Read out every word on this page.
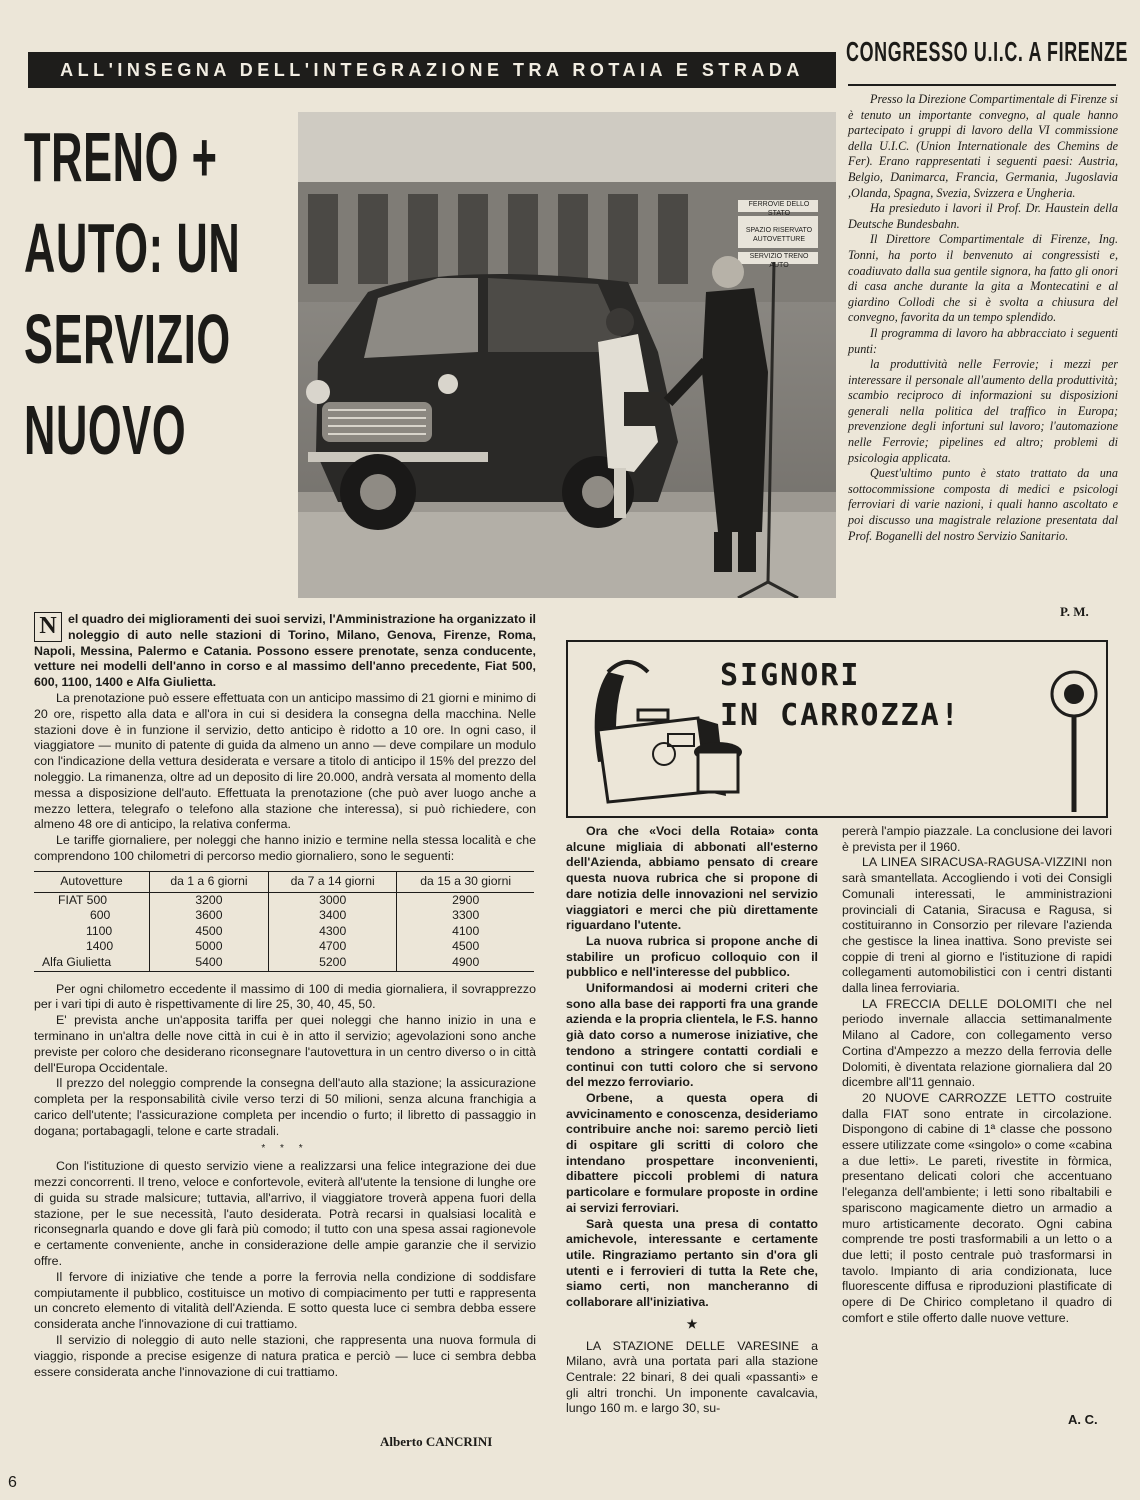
ALL'INSEGNA DELL'INTEGRAZIONE TRA ROTAIA E STRADA
TRENO +
AUTO: UN
SERVIZIO
NUOVO
FERROVIE DELLO STATO
SPAZIO RISERVATO
AUTOVETTURE
SERVIZIO TRENO AUTO
CONGRESSO U.I.C. A FIRENZE

Presso la Direzione Compartimentale di Firenze si è tenuto un importante convegno, al quale hanno partecipato i gruppi di lavoro della VI commissione della U.I.C. (Union Internationale des Chemins de Fer). Erano rappresentati i seguenti paesi: Austria, Belgio, Danimarca, Francia, Germania, Jugoslavia ,Olanda, Spagna, Svezia, Svizzera e Ungheria.

Ha presieduto i lavori il Prof. Dr. Haustein della Deutsche Bundesbahn.

Il Direttore Compartimentale di Firenze, Ing. Tonni, ha porto il benvenuto ai congressisti e, coadiuvato dalla sua gentile signora, ha fatto gli onori di casa anche durante la gita a Montecatini e al giardino Collodi che si è svolta a chiusura del convegno, favorita da un tempo splendido.

Il programma di lavoro ha abbracciato i seguenti punti:

la produttività nelle Ferrovie; i mezzi per interessare il personale all'aumento della produttività; scambio reciproco di informazioni su disposizioni generali nella politica del traffico in Europa; prevenzione degli infortuni sul lavoro; l'automazione nelle Ferrovie; pipelines ed altro; problemi di psicologia applicata.

Quest'ultimo punto è stato trattato da una sottocommissione composta di medici e psicologi ferroviari di varie nazioni, i quali hanno ascoltato e poi discusso una magistrale relazione presentata dal Prof. Boganelli del nostro Servizio Sanitario.

P. M.
N el quadro dei miglioramenti dei suoi servizi, l'Amministrazione ha organizzato il noleggio di auto nelle stazioni di Torino, Milano, Genova, Firenze, Roma, Napoli, Messina, Palermo e Catania. Possono essere prenotate, senza conducente, vetture nei modelli dell'anno in corso e al massimo dell'anno precedente, Fiat 500, 600, 1100, 1400 e Alfa Giulietta.

La prenotazione può essere effettuata con un anticipo massimo di 21 giorni e minimo di 20 ore, rispetto alla data e all'ora in cui si desidera la consegna della macchina. Nelle stazioni dove è in funzione il servizio, detto anticipo è ridotto a 10 ore. In ogni caso, il viaggiatore — munito di patente di guida da almeno un anno — deve compilare un modulo con l'indicazione della vettura desiderata e versare a titolo di anticipo il 15% del prezzo del noleggio. La rimanenza, oltre ad un deposito di lire 20.000, andrà versata al momento della messa a disposizione dell'auto. Effettuata la prenotazione (che può aver luogo anche a mezzo lettera, telegrafo o telefono alla stazione che interessa), si può richiedere, con almeno 48 ore di anticipo, la relativa conferma.

Le tariffe giornaliere, per noleggi che hanno inizio e termine nella stessa località e che comprendono 100 chilometri di percorso medio giornaliero, sono le seguenti:

Autovetture	da 1 a 6 giorni	da 7 a 14 giorni	da 15 a 30 giorni
FIAT 500	3200	3000	2900
600	3600	3400	3300
1100	4500	4300	4100
1400	5000	4700	4500
Alfa Giulietta	5400	5200	4900

Per ogni chilometro eccedente il massimo di 100 di media giornaliera, il sovrapprezzo per i vari tipi di auto è rispettivamente di lire 25, 30, 40, 45, 50.

E' prevista anche un'apposita tariffa per quei noleggi che hanno inizio in una e terminano in un'altra delle nove città in cui è in atto il servizio; agevolazioni sono anche previste per coloro che desiderano riconsegnare l'autovettura in un centro diverso o in città dell'Europa Occidentale.

Il prezzo del noleggio comprende la consegna dell'auto alla stazione; la assicurazione completa per la responsabilità civile verso terzi di 50 milioni, senza alcuna franchigia a carico dell'utente; l'assicurazione completa per incendio o furto; il libretto di passaggio in dogana; portabagagli, telone e carte stradali.

* * *

Con l'istituzione di questo servizio viene a realizzarsi una felice integrazione dei due mezzi concorrenti. Il treno, veloce e confortevole, eviterà all'utente la tensione di lunghe ore di guida su strade malsicure; tuttavia, all'arrivo, il viaggiatore troverà appena fuori della stazione, per le sue necessità, l'auto desiderata. Potrà recarsi in qualsiasi località e riconsegnarla quando e dove gli farà più comodo; il tutto con una spesa assai ragionevole e certamente conveniente, anche in considerazione delle ampie garanzie che il servizio offre.

Il fervore di iniziative che tende a porre la ferrovia nella condizione di soddisfare compiutamente il pubblico, costituisce un motivo di compiacimento per tutti e rappresenta un concreto elemento di vitalità dell'Azienda. E sotto questa luce ci sembra debba essere considerata anche l'innovazione di cui trattiamo.

Il servizio di noleggio di auto nelle stazioni, che rappresenta una nuova formula di viaggio, risponde a precise esigenze di natura pratica e perciò — luce ci sembra debba essere considerata anche l'innovazione di cui trattiamo.

Alberto CANCRINI
SIGNORI
IN CARROZZA!

Ora che «Voci della Rotaia» conta alcune migliaia di abbonati all'esterno dell'Azienda, abbiamo pensato di creare questa nuova rubrica che si propone di dare notizia delle innovazioni nel servizio viaggiatori e merci che più direttamente riguardano l'utente.

La nuova rubrica si propone anche di stabilire un proficuo colloquio con il pubblico e nell'interesse del pubblico.

Uniformandosi ai moderni criteri che sono alla base dei rapporti fra una grande azienda e la propria clientela, le F.S. hanno già dato corso a numerose iniziative, che tendono a stringere contatti cordiali e continui con tutti coloro che si servono del mezzo ferroviario.

Orbene, a questa opera di avvicinamento e conoscenza, desideriamo contribuire anche noi: saremo perciò lieti di ospitare gli scritti di coloro che intendano prospettare inconvenienti, dibattere piccoli problemi di natura particolare e formulare proposte in ordine ai servizi ferroviari.

Sarà questa una presa di contatto amichevole, interessante e certamente utile. Ringraziamo pertanto sin d'ora gli utenti e i ferrovieri di tutta la Rete che, siamo certi, non mancheranno di collaborare all'iniziativa.

★

LA STAZIONE DELLE VARESINE a Milano, avrà una portata pari alla stazione Centrale: 22 binari, 8 dei quali «passanti» e gli altri tronchi. Un imponente cavalcavia, lungo 160 m. e largo 30, su-

pererà l'ampio piazzale. La conclusione dei lavori è prevista per il 1960.

LA LINEA SIRACUSA-RAGUSA-VIZZINI non sarà smantellata. Accogliendo i voti dei Consigli Comunali interessati, le amministrazioni provinciali di Catania, Siracusa e Ragusa, si costituiranno in Consorzio per rilevare l'azienda che gestisce la linea inattiva. Sono previste sei coppie di treni al giorno e l'istituzione di rapidi collegamenti automobilistici con i centri distanti dalla linea ferroviaria.

LA FRECCIA DELLE DOLOMITI che nel periodo invernale allaccia settimanalmente Milano al Cadore, con collegamento verso Cortina d'Ampezzo a mezzo della ferrovia delle Dolomiti, è diventata relazione giornaliera dal 20 dicembre all'11 gennaio.

20 NUOVE CARROZZE LETTO costruite dalla FIAT sono entrate in circolazione. Dispongono di cabine di 1ª classe che possono essere utilizzate come «singolo» o come «cabina a due letti». Le pareti, rivestite in fòrmica, presentano delicati colori che accentuano l'eleganza dell'ambiente; i letti sono ribaltabili e spariscono magicamente dietro un armadio a muro artisticamente decorato. Ogni cabina comprende tre posti trasformabili a un letto o a due letti; il posto centrale può trasformarsi in tavolo. Impianto di aria condizionata, luce fluorescente diffusa e riproduzioni plastificate di opere di De Chirico completano il quadro di comfort e stile offerto dalle nuove vetture.

A. C.
6
